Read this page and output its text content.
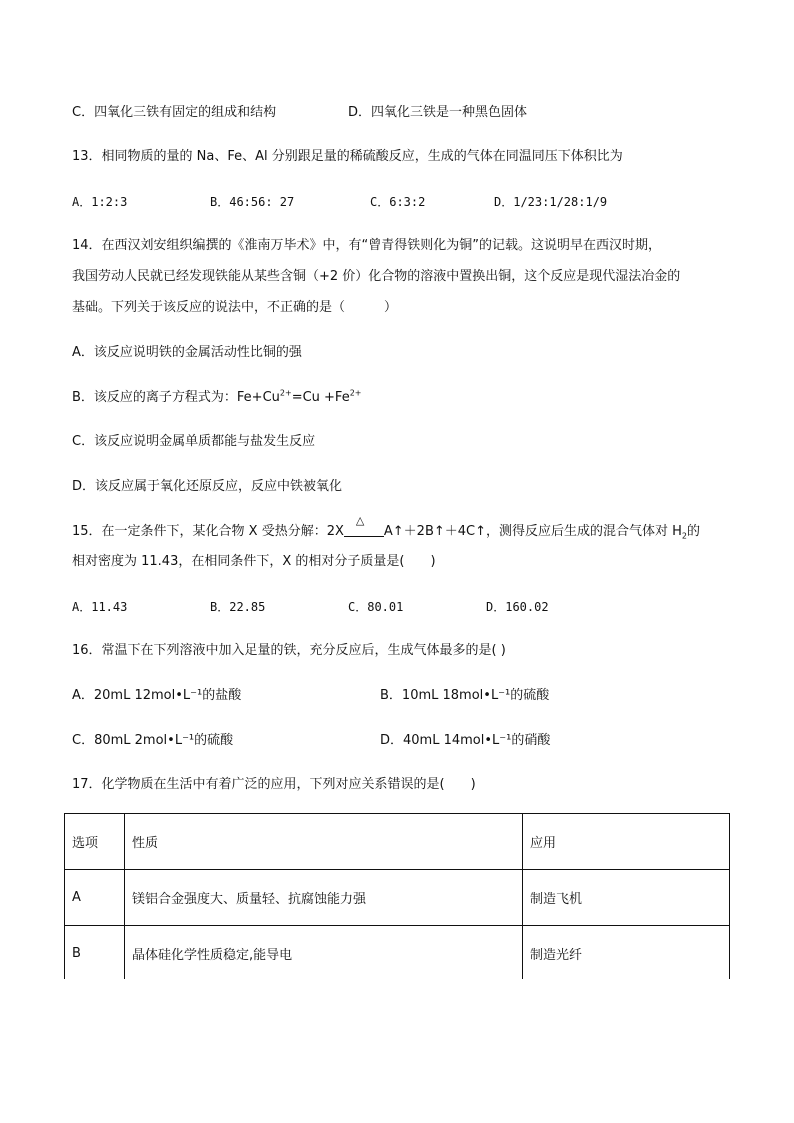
C．四氧化三铁有固定的组成和结构	D．四氧化三铁是一种黑色固体
13．相同物质的量的 Na、Fe、Al 分别跟足量的稀硫酸反应，生成的气体在同温同压下体积比为
A．1:2:3	B．46:56: 27	C．6:3:2	D．1/23:1/28:1/9
14．在西汉刘安组织编撰的《淮南万毕术》中，有“曾青得铁则化为铜”的记载。这说明早在西汉时期，
我国劳动人民就已经发现铁能从某些含铜（+2 价）化合物的溶液中置换出铜，这个反应是现代湿法冶金的
基础。下列关于该反应的说法中，不正确的是（　　　）
A．该反应说明铁的金属活动性比铜的强
B．该反应的离子方程式为：$Fe+Cu^{2+}=Cu +Fe^{2+}$
C．该反应说明金属单质都能与盐发生反应
D．该反应属于氧化还原反应，反应中铁被氧化
15．在一定条件下，某化合物 X 受热分解：2X
△
A↑＋2B↑＋4C↑，测得反应后生成的混合气体对 $H_2$的
相对密度为 11.43，在相同条件下，X 的相对分子质量是(　　)
A．11.43	B．22.85	C．80.01	D．160.02
16．常温下在下列溶液中加入足量的铁，充分反应后，生成气体最多的是( )
A．20mL 12mol•L⁻¹的盐酸	B．10mL 18mol•L⁻¹的硫酸
C．80mL 2mol•L⁻¹的硫酸	D．40mL 14mol•L⁻¹的硝酸
17．化学物质在生活中有着广泛的应用，下列对应关系错误的是(　　)
选项	性质	应用
A	镁铝合金强度大、质量轻、抗腐蚀能力强	制造飞机
B	晶体硅化学性质稳定,能导电	制造光纤
